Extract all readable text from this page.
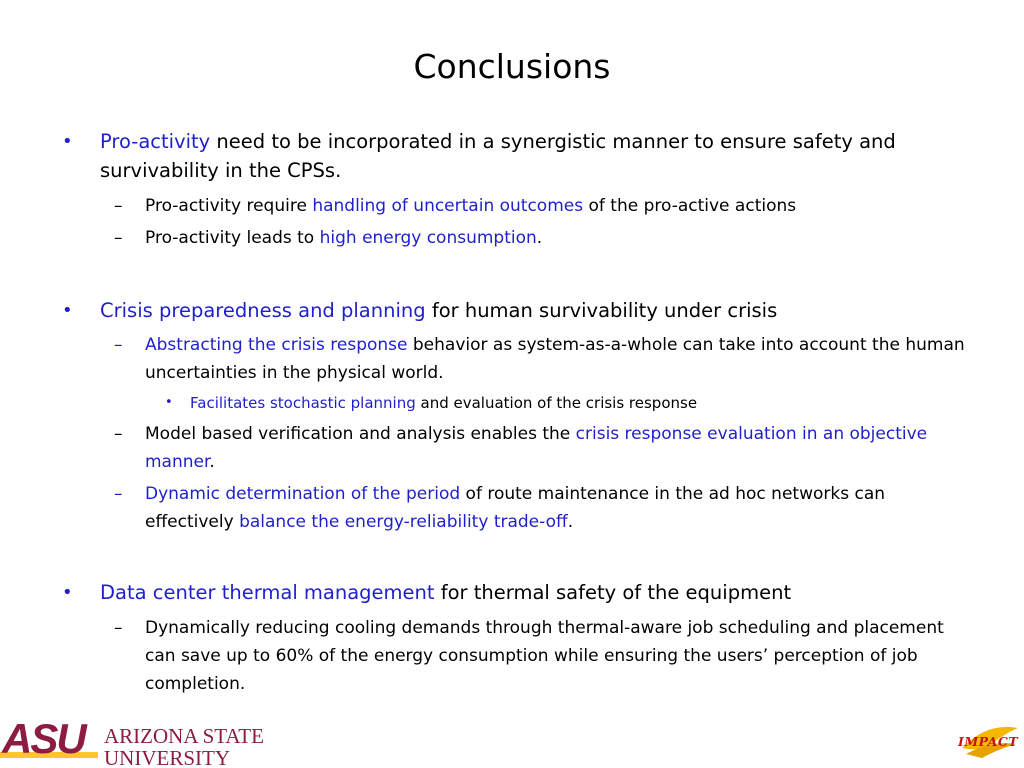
Conclusions

• Pro-activity need to be incorporated in a synergistic manner to ensure safety and survivability in the CPSs.

– Pro-activity require handling of uncertain outcomes of the pro-active actions

– Pro-activity leads to high energy consumption.

• Crisis preparedness and planning for human survivability under crisis

– Abstracting the crisis response behavior as system-as-a-whole can take into account the human uncertainties in the physical world.

• Facilitates stochastic planning and evaluation of the crisis response

– Model based verification and analysis enables the crisis response evaluation in an objective manner.

– Dynamic determination of the period of route maintenance in the ad hoc networks can effectively balance the energy-reliability trade-off.

• Data center thermal management for thermal safety of the equipment

– Dynamically reducing cooling demands through thermal-aware job scheduling and placement can save up to 60% of the energy consumption while ensuring the users’ perception of job completion.

ASU ARIZONA STATE
UNIVERSITY
IMPACT
